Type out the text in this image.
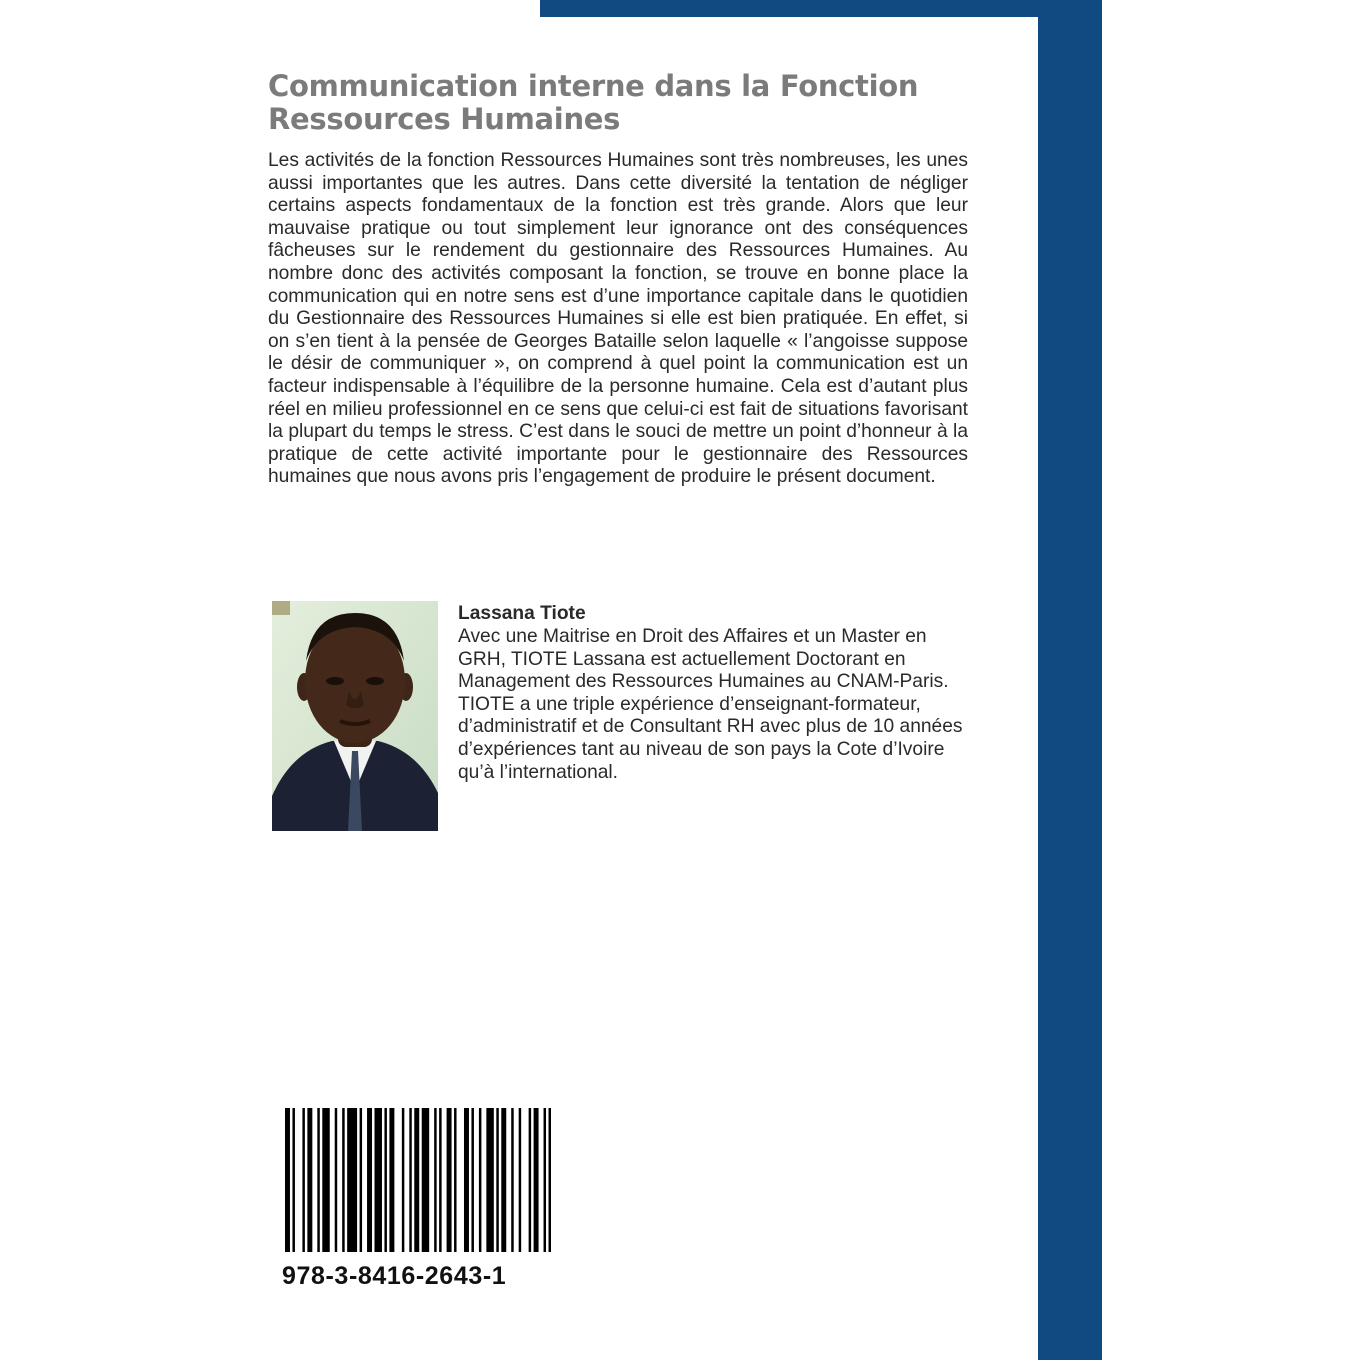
Communication interne dans la Fonction Ressources Humaines

Les activités de la fonction Ressources Humaines sont très nombreuses, les unes aussi importantes que les autres. Dans cette diversité la tentation de négliger certains aspects fondamentaux de la fonction est très grande. Alors que leur mauvaise pratique ou tout simplement leur ignorance ont des conséquences fâcheuses sur le rendement du gestionnaire des Ressources Humaines. Au nombre donc des activités composant la fonction, se trouve en bonne place la communication qui en notre sens est d’une importance capitale dans le quotidien du Gestionnaire des Ressources Humaines si elle est bien pratiquée. En effet, si on s’en tient à la pensée de Georges Bataille selon laquelle « l’angoisse suppose le désir de communiquer », on comprend à quel point la communication est un facteur indispensable à l’équilibre de la personne humaine. Cela est d’autant plus réel en milieu professionnel en ce sens que celui-ci est fait de situations favorisant la plupart du temps le stress. C’est dans le souci de mettre un point d’honneur à la pratique de cette activité importante pour le gestionnaire des Ressources humaines que nous avons pris l’engagement de produire le présent document.

Lassana Tiote

Avec une Maitrise en Droit des Affaires et un Master en GRH, TIOTE Lassana est actuellement Doctorant en Management des Ressources Humaines au CNAM-Paris. TIOTE a une triple expérience d’enseignant-formateur, d’administratif et de Consultant RH avec plus de 10 années d’expériences tant au niveau de son pays la Cote d’Ivoire qu’à l’international.

978-3-8416-2643-1
